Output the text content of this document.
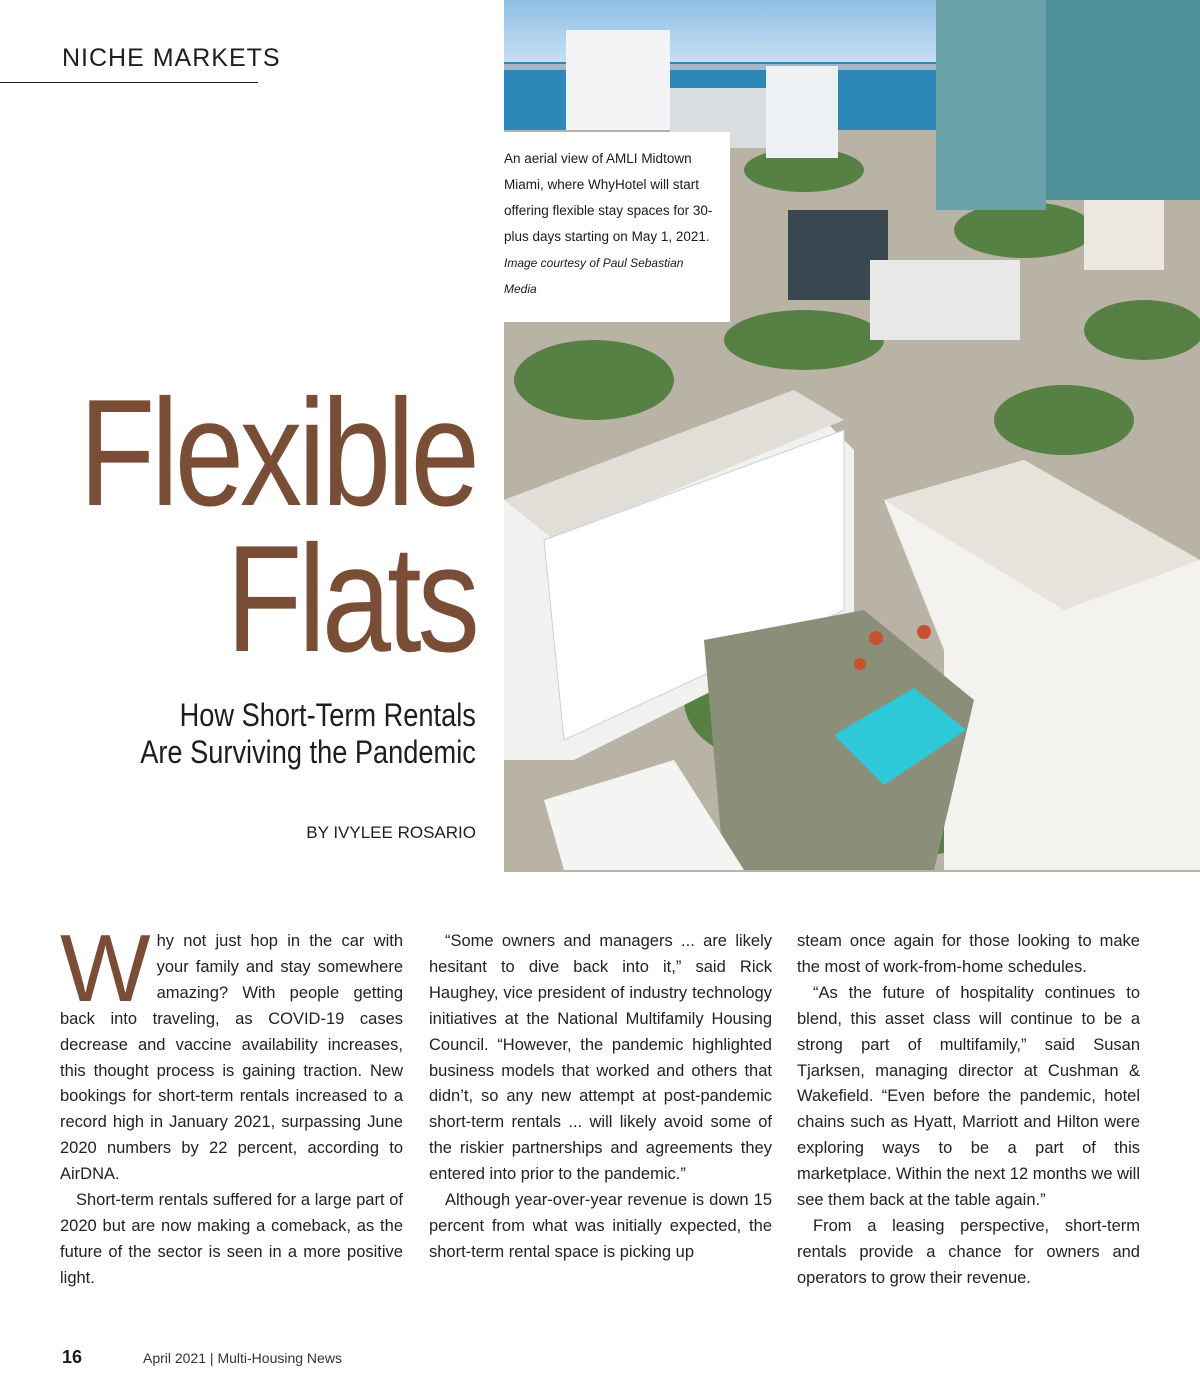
NICHE MARKETS
Flexible
Flats
How Short-Term Rentals
Are Surviving the Pandemic
BY IVYLEE ROSARIO
An aerial view of AMLI Midtown Miami, where WhyHotel will start offering flexible stay spaces for 30-plus days starting on May 1, 2021. Image courtesy of Paul Sebastian Media

Why not just hop in the car with your family and stay somewhere amazing? With people getting back into traveling, as COVID-19 cases decrease and vaccine availability increases, this thought process is gaining traction. New bookings for short-term rentals increased to a record high in January 2021, surpassing June 2020 numbers by 22 percent, according to AirDNA.

Short-term rentals suffered for a large part of 2020 but are now making a comeback, as the future of the sector is seen in a more positive light.

“Some owners and managers ... are likely hesitant to dive back into it,” said Rick Haughey, vice president of industry technology initiatives at the National Multifamily Housing Council. “However, the pandemic highlighted business models that worked and others that didn’t, so any new attempt at post-pandemic short-term rentals ... will likely avoid some of the riskier partnerships and agreements they entered into prior to the pandemic.”

Although year-over-year revenue is down 15 percent from what was initially expected, the short-term rental space is picking up

steam once again for those looking to make the most of work-from-home schedules.

“As the future of hospitality continues to blend, this asset class will continue to be a strong part of multifamily,” said Susan Tjarksen, managing director at Cushman & Wakefield. “Even before the pandemic, hotel chains such as Hyatt, Marriott and Hilton were exploring ways to be a part of this marketplace. Within the next 12 months we will see them back at the table again.”

From a leasing perspective, short-term rentals provide a chance for owners and operators to grow their revenue.

16	April 2021 | Multi-Housing News
